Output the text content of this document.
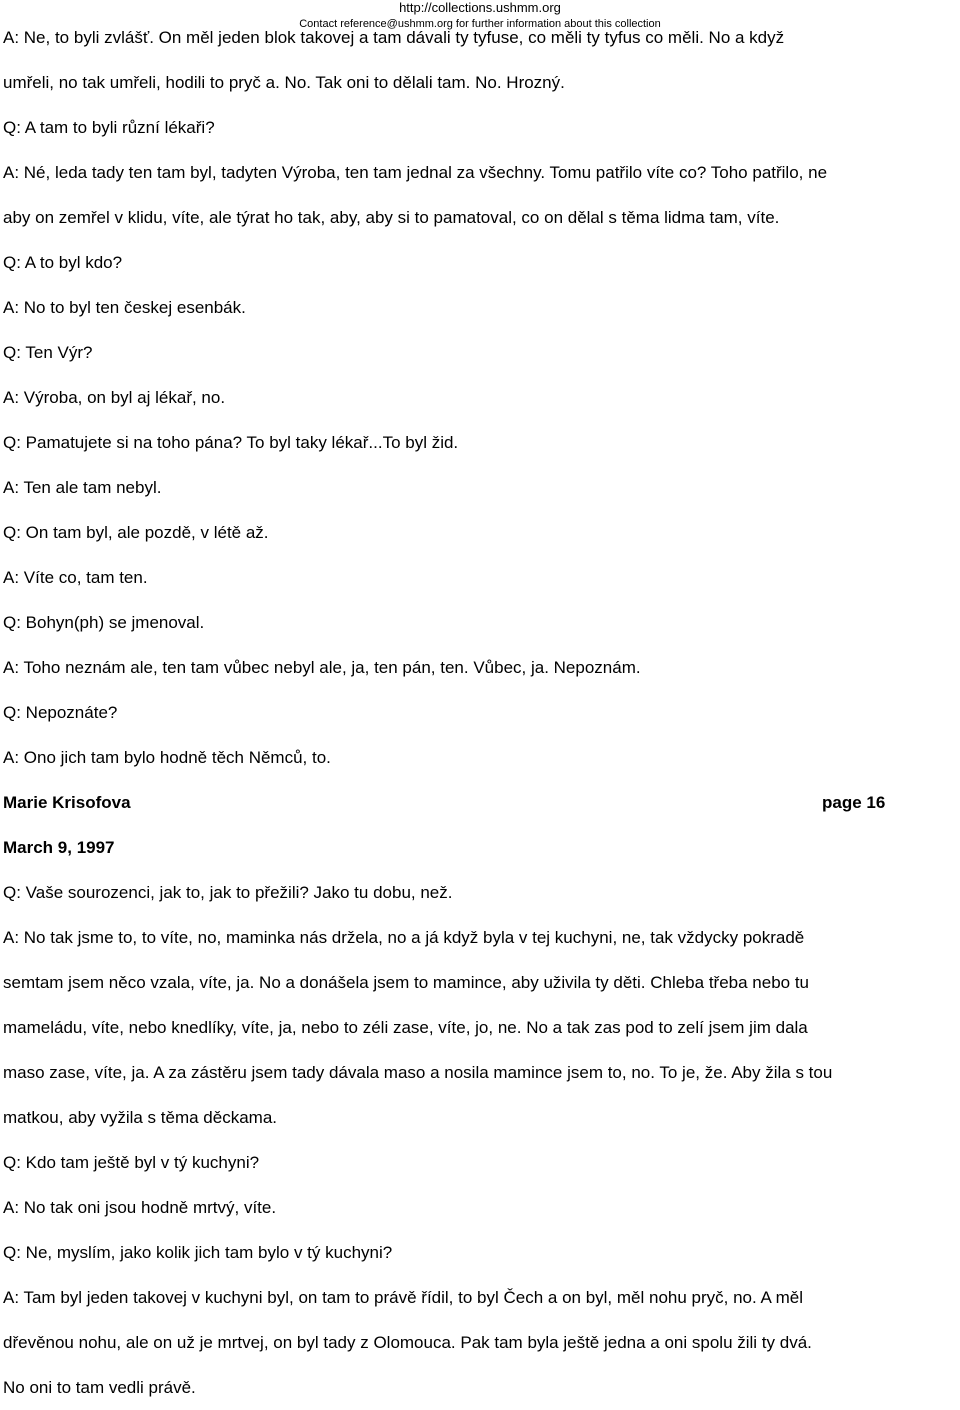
http://collections.ushmm.org
Contact reference@ushmm.org for further information about this collection
A: Ne, to byli zvlášť. On měl jeden blok takovej a tam dávali ty tyfuse, co měli ty tyfus co měli. No a když
umřeli, no tak umřeli, hodili to pryč a. No. Tak oni to dělali tam. No. Hrozný.
Q: A tam to byli různí lékaři?
A: Né, leda tady ten tam byl, tadyten Výroba, ten tam jednal za všechny. Tomu patřilo víte co? Toho patřilo, ne
aby on zemřel v klidu, víte, ale týrat ho tak, aby, aby si to pamatoval, co on dělal s těma lidma tam, víte.
Q: A to byl kdo?
A: No to byl ten českej esenbák.
Q: Ten Výr?
A: Výroba, on byl aj lékař, no.
Q: Pamatujete si na toho pána? To byl taky lékař...To byl žid.
A: Ten ale tam nebyl.
Q: On tam byl, ale pozdě, v létě až.
A: Víte co, tam ten.
Q: Bohyn(ph) se jmenoval.
A: Toho neznám ale, ten tam vůbec nebyl ale, ja, ten pán, ten. Vůbec, ja. Nepoznám.
Q: Nepoznáte?
A: Ono jich tam bylo hodně těch Němců, to.
Marie Krisofova	page 16
March 9, 1997
Q: Vaše sourozenci, jak to, jak to přežili? Jako tu dobu, než.
A: No tak jsme to, to víte, no, maminka nás držela, no a já když byla v tej kuchyni, ne, tak vždycky pokradě
semtam jsem něco vzala, víte, ja. No a donášela jsem to mamince, aby uživila ty děti. Chleba třeba nebo tu
mameládu, víte, nebo knedlíky, víte, ja, nebo to zéli zase, víte, jo, ne. No a tak zas pod to zelí jsem jim dala
maso zase, víte, ja. A za zástěru jsem tady dávala maso a nosila mamince jsem to, no. To je, že. Aby žila s tou
matkou, aby vyžila s těma děckama.
Q: Kdo tam ještě byl v tý kuchyni?
A: No tak oni jsou hodně mrtvý, víte.
Q: Ne, myslím, jako kolik jich tam bylo v tý kuchyni?
A: Tam byl jeden takovej v kuchyni byl, on tam to právě řídil, to byl Čech a on byl, měl nohu pryč, no. A měl
dřevěnou nohu, ale on už je mrtvej, on byl tady z Olomouca. Pak tam byla ještě jedna a oni spolu žili ty dvá.
No oni to tam vedli právě.
